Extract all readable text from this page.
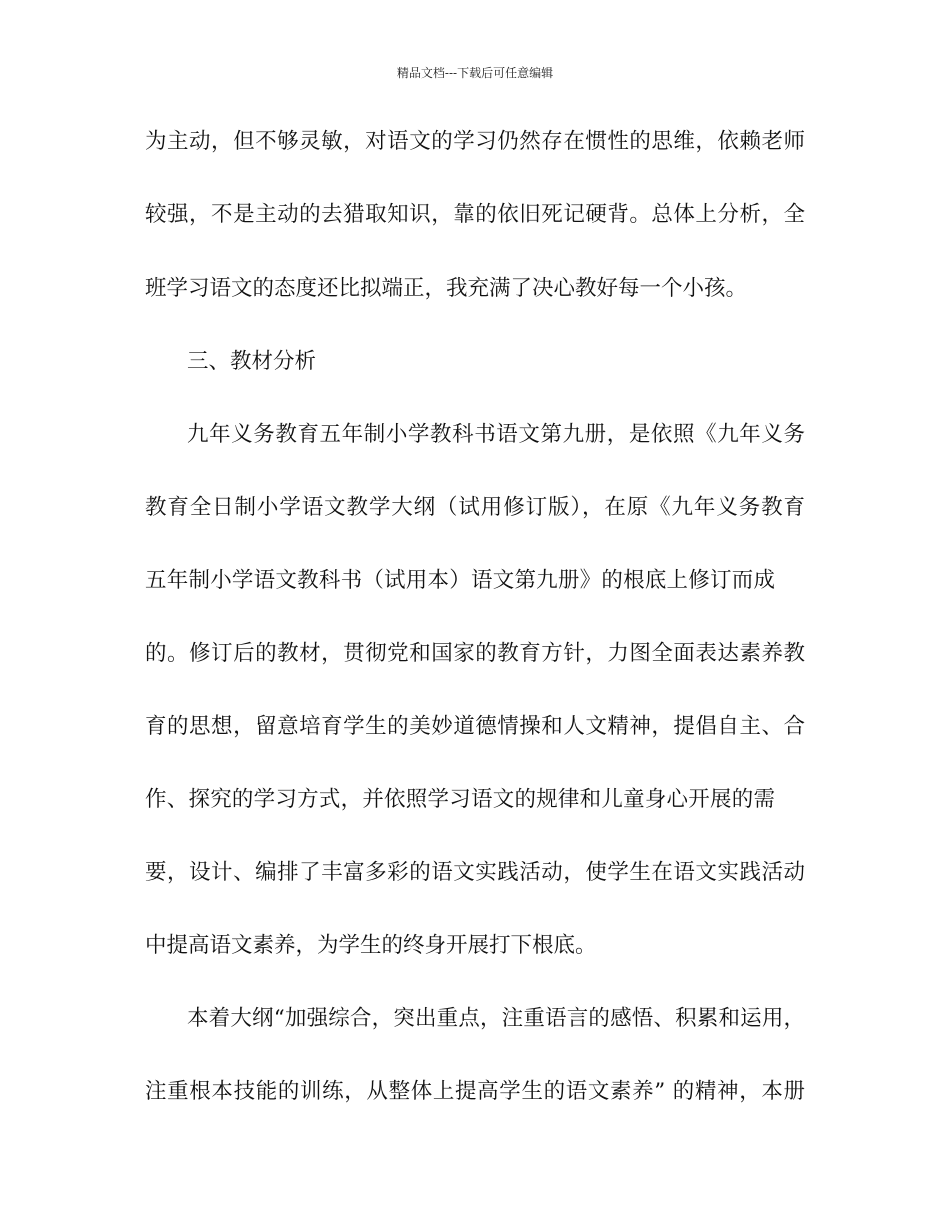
精品文档---下载后可任意编辑
为主动，但不够灵敏，对语文的学习仍然存在惯性的思维，依赖老师
较强，不是主动的去猎取知识，靠的依旧死记硬背。总体上分析，全
班学习语文的态度还比拟端正，我充满了决心教好每一个小孩。
三、教材分析
九年义务教育五年制小学教科书语文第九册，是依照《九年义务
教育全日制小学语文教学大纲（试用修订版），在原《九年义务教育
五年制小学语文教科书（试用本）语文第九册》的根底上修订而成
的。修订后的教材，贯彻党和国家的教育方针，力图全面表达素养教
育的思想，留意培育学生的美妙道德情操和人文精神，提倡自主、合
作、探究的学习方式，并依照学习语文的规律和儿童身心开展的需
要，设计、编排了丰富多彩的语文实践活动，使学生在语文实践活动
中提高语文素养，为学生的终身开展打下根底。
本着大纲“加强综合，突出重点，注重语言的感悟、积累和运用，
注重根本技能的训练，从整体上提高学生的语文素养” 的精神，本册
